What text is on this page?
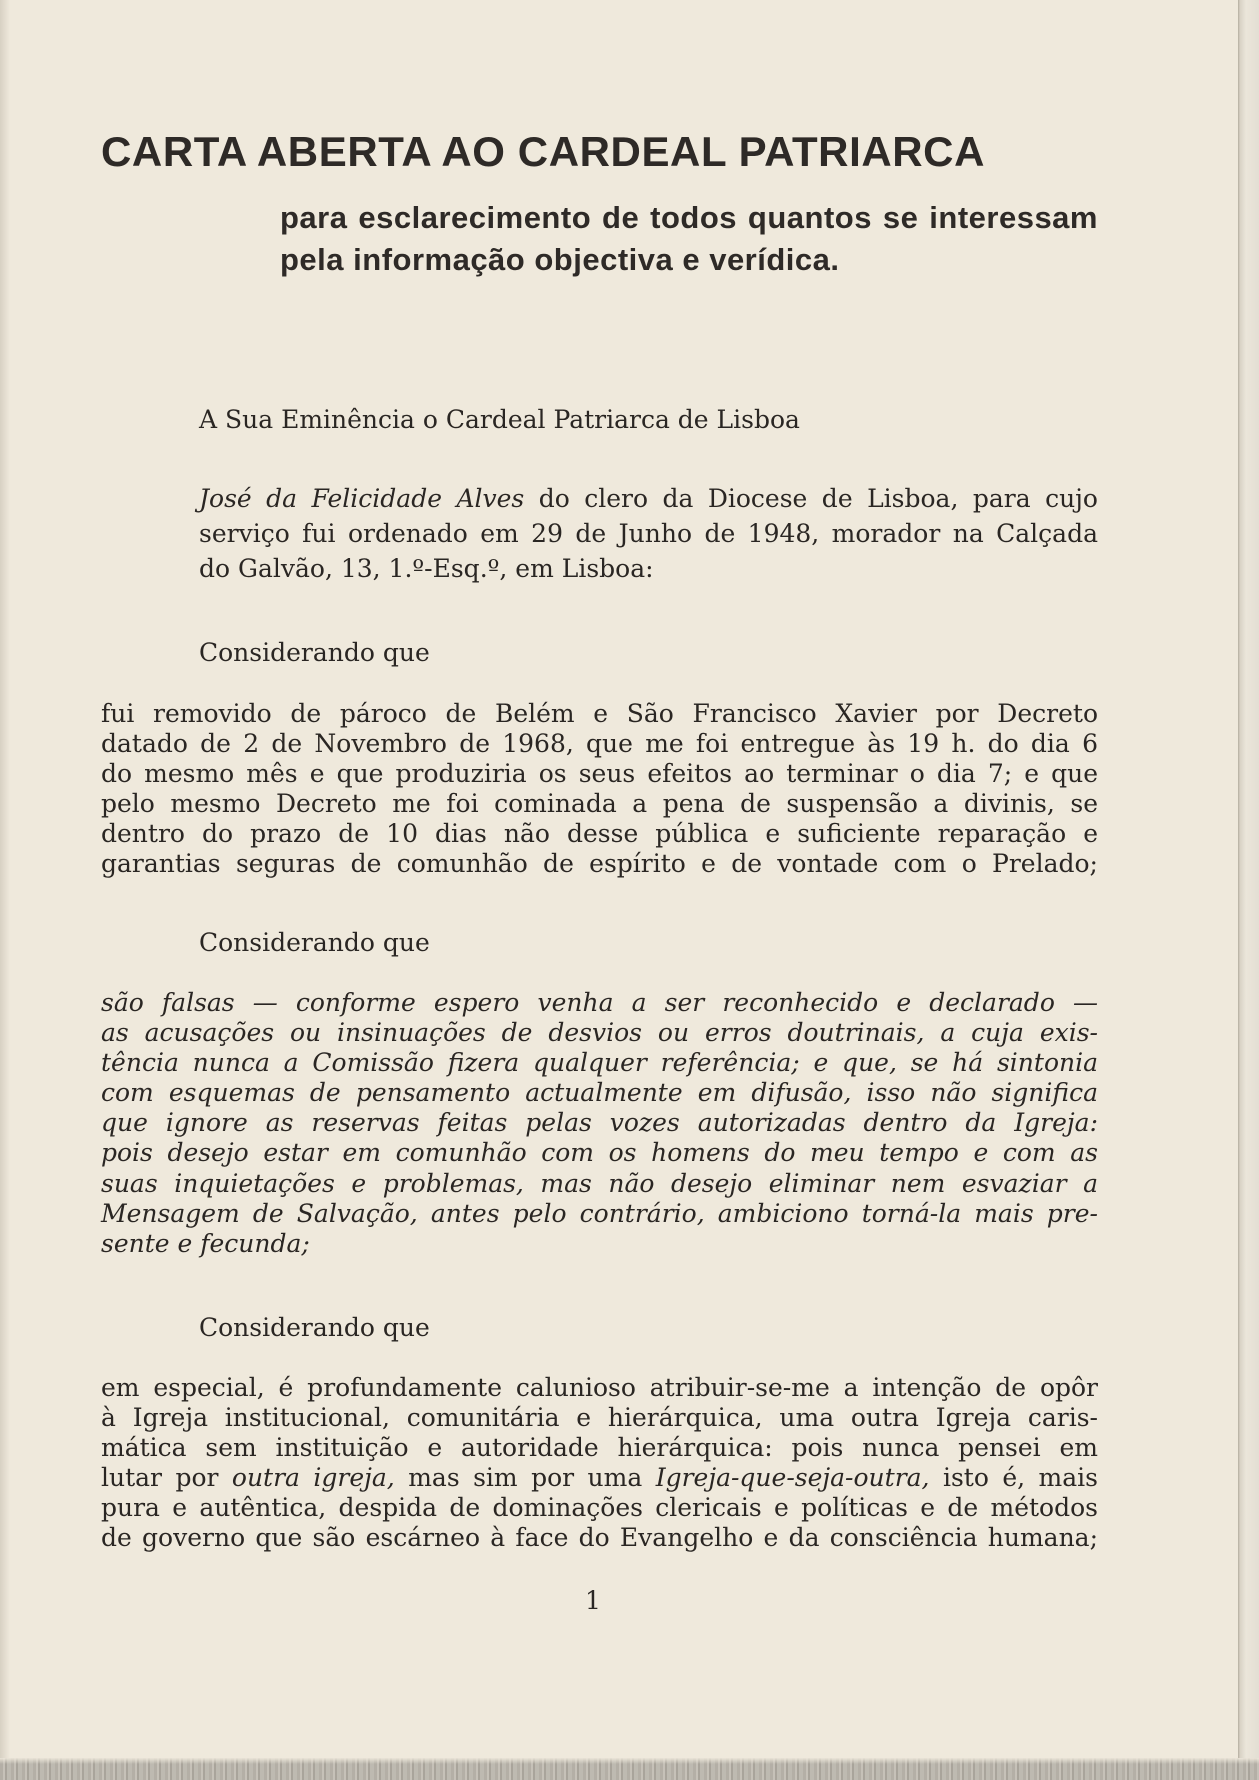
CARTA ABERTA AO CARDEAL PATRIARCA
para esclarecimento de todos quantos se interessam
pela informação objectiva e verídica.
A Sua Eminência o Cardeal Patriarca de Lisboa
José da Felicidade Alves do clero da Diocese de Lisboa, para cujo
serviço fui ordenado em 29 de Junho de 1948, morador na Calçada
do Galvão, 13, 1.º-Esq.º, em Lisboa:
Considerando que
fui removido de pároco de Belém e São Francisco Xavier por Decreto
datado de 2 de Novembro de 1968, que me foi entregue às 19 h. do dia 6
do mesmo mês e que produziria os seus efeitos ao terminar o dia 7; e que
pelo mesmo Decreto me foi cominada a pena de suspensão a divinis, se
dentro do prazo de 10 dias não desse pública e suficiente reparação e
garantias seguras de comunhão de espírito e de vontade com o Prelado;
Considerando que
são falsas — conforme espero venha a ser reconhecido e declarado —
as acusações ou insinuações de desvios ou erros doutrinais, a cuja exis-
tência nunca a Comissão fizera qualquer referência; e que, se há sintonia
com esquemas de pensamento actualmente em difusão, isso não significa
que ignore as reservas feitas pelas vozes autorizadas dentro da Igreja:
pois desejo estar em comunhão com os homens do meu tempo e com as
suas inquietações e problemas, mas não desejo eliminar nem esvaziar a
Mensagem de Salvação, antes pelo contrário, ambiciono torná-la mais pre-
sente e fecunda;
Considerando que
em especial, é profundamente calunioso atribuir-se-me a intenção de opôr
à Igreja institucional, comunitária e hierárquica, uma outra Igreja caris-
mática sem instituição e autoridade hierárquica: pois nunca pensei em
lutar por outra igreja, mas sim por uma Igreja-que-seja-outra, isto é, mais
pura e autêntica, despida de dominações clericais e políticas e de métodos
de governo que são escárneo à face do Evangelho e da consciência humana;
1
